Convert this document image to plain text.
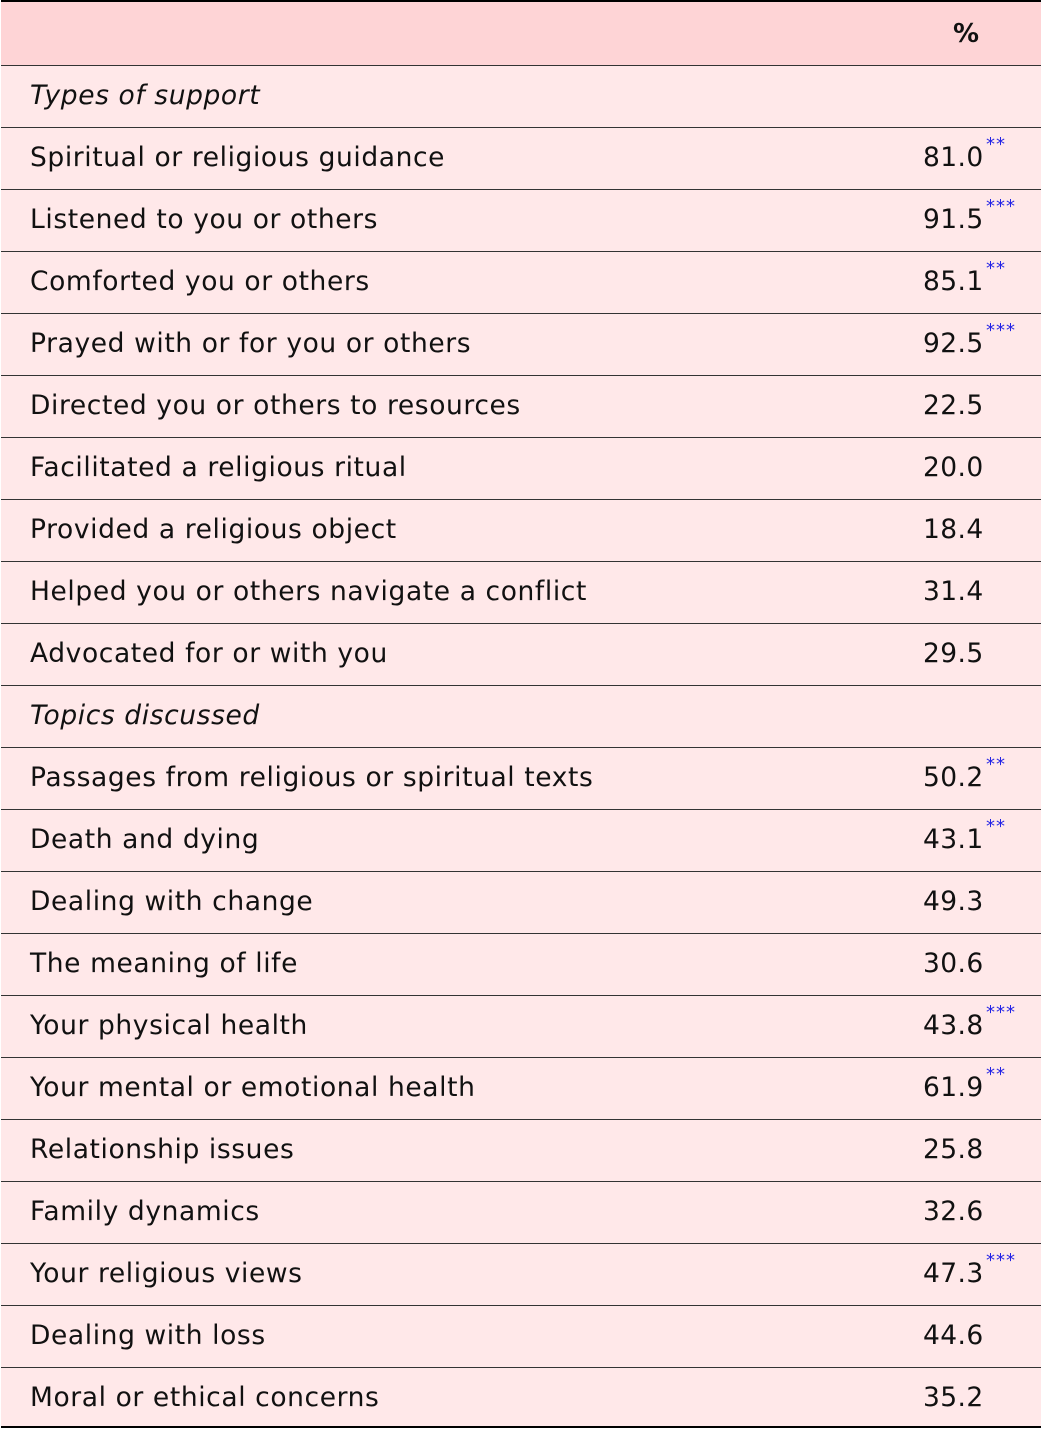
%
Types of support
Spiritual or religious guidance	81.0 **
Listened to you or others	91.5 ***
Comforted you or others	85.1 **
Prayed with or for you or others	92.5 ***
Directed you or others to resources	22.5
Facilitated a religious ritual	20.0
Provided a religious object	18.4
Helped you or others navigate a conflict	31.4
Advocated for or with you	29.5
Topics discussed
Passages from religious or spiritual texts	50.2 **
Death and dying	43.1 **
Dealing with change	49.3
The meaning of life	30.6
Your physical health	43.8 ***
Your mental or emotional health	61.9 **
Relationship issues	25.8
Family dynamics	32.6
Your religious views	47.3 ***
Dealing with loss	44.6
Moral or ethical concerns	35.2
